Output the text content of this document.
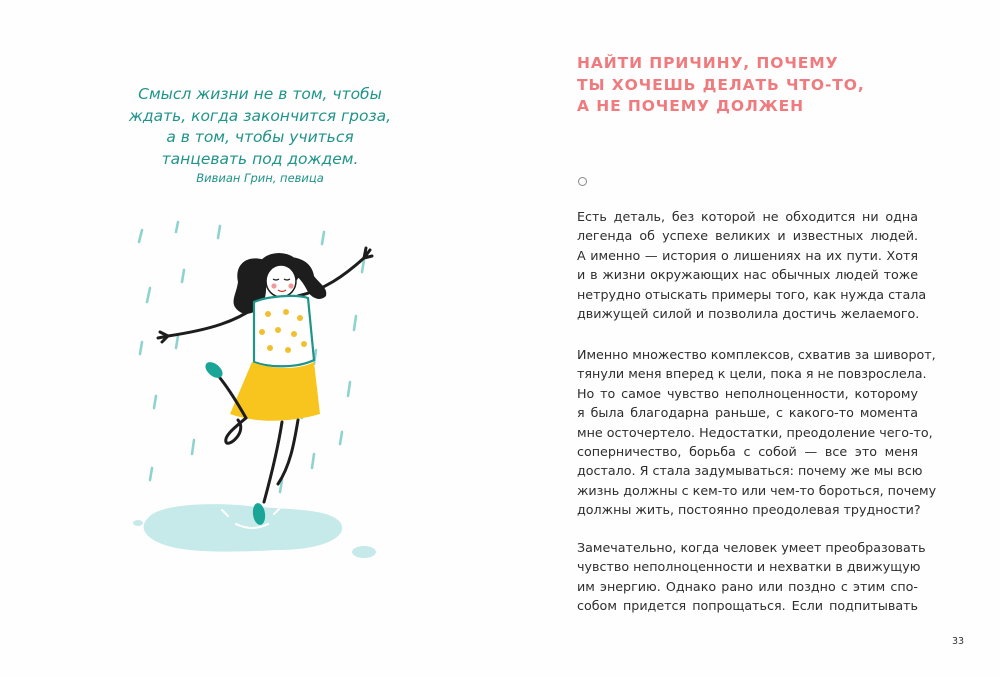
Смысл жизни не в том, чтобы
ждать, когда закончится гроза,
а в том, чтобы учиться
танцевать под дождем.
Вивиан Грин, певица
НАЙТИ ПРИЧИНУ, ПОЧЕМУ
ТЫ ХОЧЕШЬ ДЕЛАТЬ ЧТО-ТО,
А НЕ ПОЧЕМУ ДОЛЖЕН
Есть деталь, без которой не обходится ни одна
легенда об успехе великих и известных людей.
А именно — история о лишениях на их пути. Хотя
и в жизни окружающих нас обычных людей тоже
нетрудно отыскать примеры того, как нужда стала
движущей силой и позволила достичь желаемого.
Именно множество комплексов, схватив за шиворот,
тянули меня вперед к цели, пока я не повзрослела.
Но то самое чувство неполноценности, которому
я была благодарна раньше, с какого-то момента
мне осточертело. Недостатки, преодоление чего-то,
соперничество, борьба с собой — все это меня
достало. Я стала задумываться: почему же мы всю
жизнь должны с кем-то или чем-то бороться, почему
должны жить, постоянно преодолевая трудности?
Замечательно, когда человек умеет преобразовать
чувство неполноценности и нехватки в движущую
им энергию. Однако рано или поздно с этим спо-
собом придется попрощаться. Если подпитывать
33
